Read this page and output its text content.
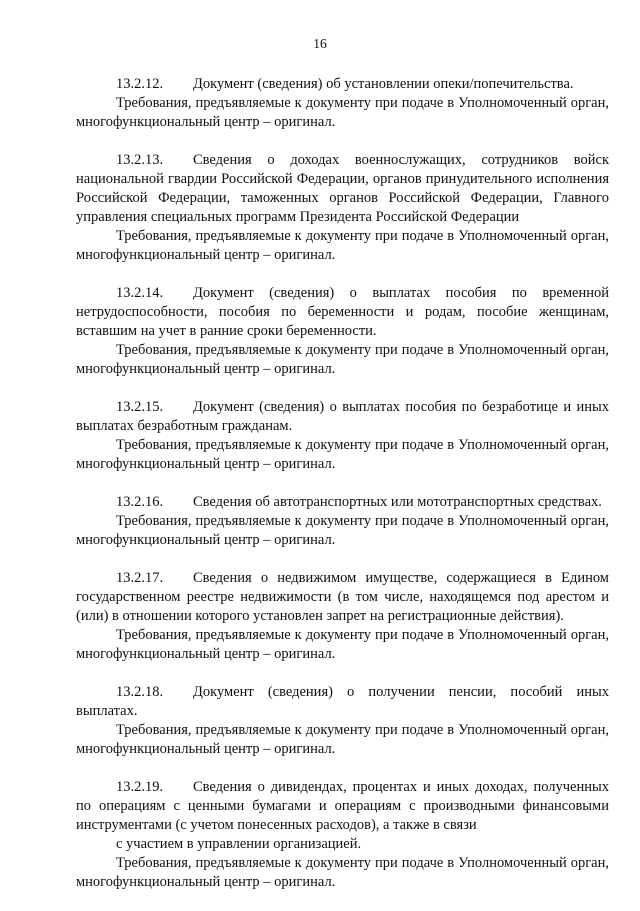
16

13.2.12. Документ (сведения) об установлении опеки/попечительства.

Требования, предъявляемые к документу при подаче в Уполномоченный орган, многофункциональный центр – оригинал.

13.2.13. Сведения о доходах военнослужащих, сотрудников войск национальной гвардии Российской Федерации, органов принудительного исполнения Российской Федерации, таможенных органов Российской Федерации, Главного управления специальных программ Президента Российской Федерации

Требования, предъявляемые к документу при подаче в Уполномоченный орган, многофункциональный центр – оригинал.

13.2.14. Документ (сведения) о выплатах пособия по временной нетрудоспособности, пособия по беременности и родам, пособие женщинам, вставшим на учет в ранние сроки беременности.

Требования, предъявляемые к документу при подаче в Уполномоченный орган, многофункциональный центр – оригинал.

13.2.15. Документ (сведения) о выплатах пособия по безработице и иных выплатах безработным гражданам.

Требования, предъявляемые к документу при подаче в Уполномоченный орган, многофункциональный центр – оригинал.

13.2.16. Сведения об автотранспортных или мототранспортных средствах.

Требования, предъявляемые к документу при подаче в Уполномоченный орган, многофункциональный центр – оригинал.

13.2.17. Сведения о недвижимом имуществе, содержащиеся в Едином государственном реестре недвижимости (в том числе, находящемся под арестом и (или) в отношении которого установлен запрет на регистрационные действия).

Требования, предъявляемые к документу при подаче в Уполномоченный орган, многофункциональный центр – оригинал.

13.2.18. Документ (сведения) о получении пенсии, пособий иных выплатах.

Требования, предъявляемые к документу при подаче в Уполномоченный орган, многофункциональный центр – оригинал.

13.2.19. Сведения о дивидендах, процентах и иных доходах, полученных по операциям с ценными бумагами и операциям с производными финансовыми инструментами (с учетом понесенных расходов), а также в связи

с участием в управлении организацией.

Требования, предъявляемые к документу при подаче в Уполномоченный орган, многофункциональный центр – оригинал.
